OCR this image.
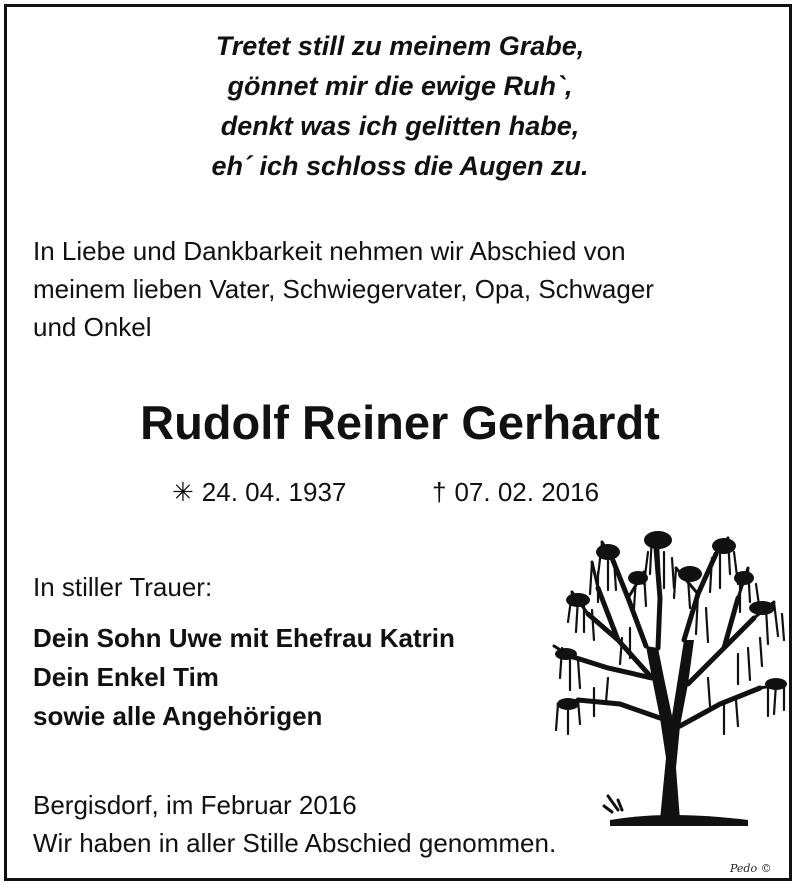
Tretet still zu meinem Grabe,
gönnet mir die ewige Ruh`,
denkt was ich gelitten habe,
eh´ ich schloss die Augen zu.
In Liebe und Dankbarkeit nehmen wir Abschied von
meinem lieben Vater, Schwiegervater, Opa, Schwager
und Onkel
Rudolf Reiner Gerhardt
✳ 24. 04. 1937	† 07. 02. 2016
In stiller Trauer:
Dein Sohn Uwe mit Ehefrau Katrin
Dein Enkel Tim
sowie alle Angehörigen
Bergisdorf, im Februar 2016
Wir haben in aller Stille Abschied genommen.
Pedo ©
